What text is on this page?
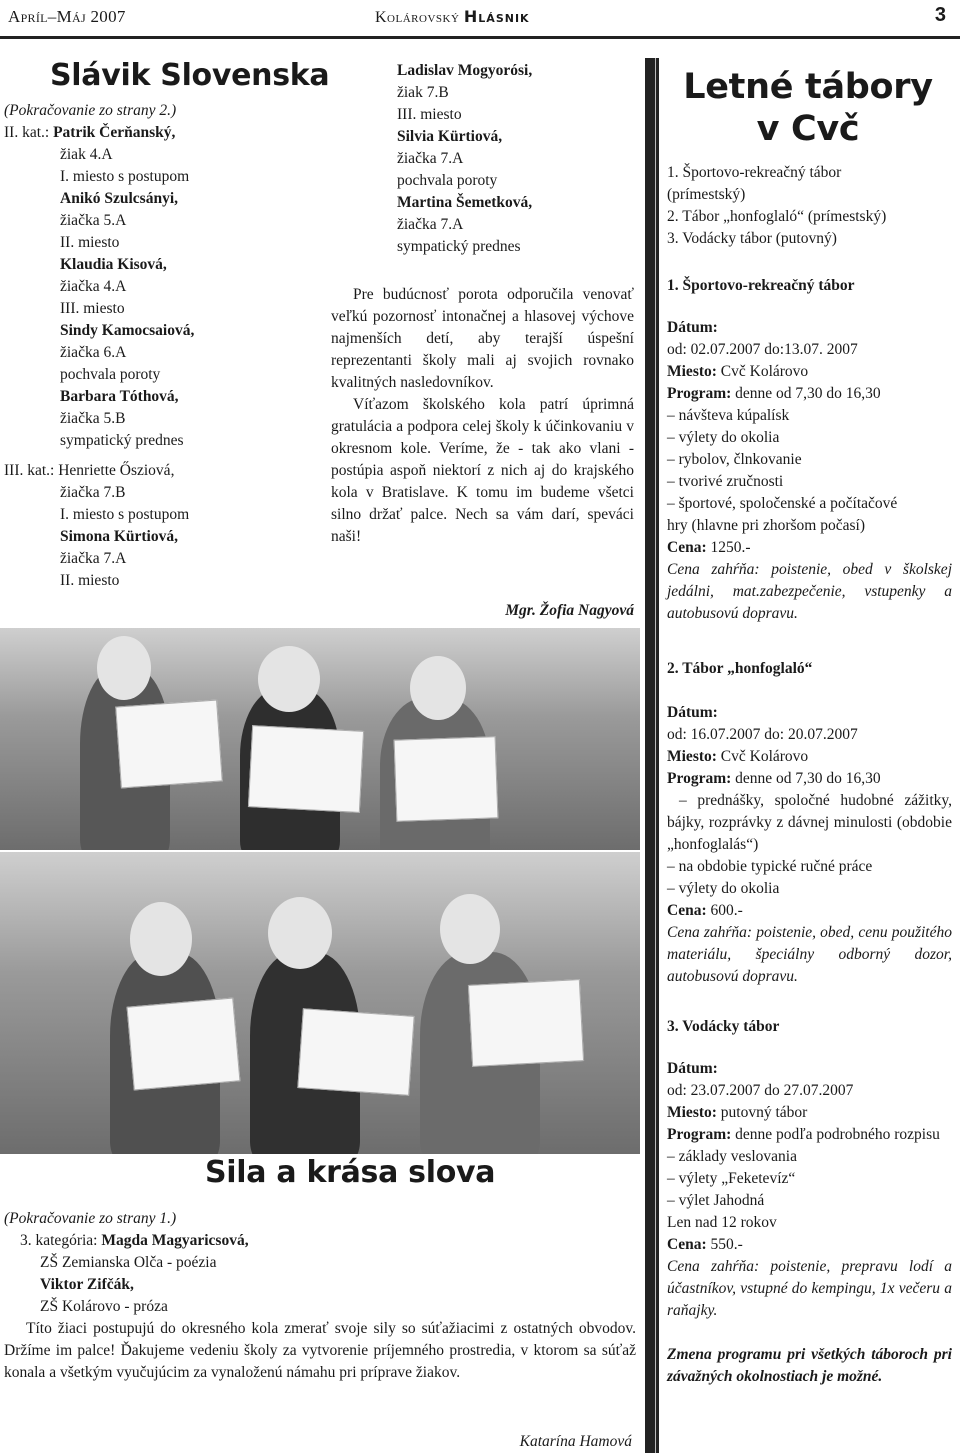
Apríl–Máj 2007	Kolárovský Hlásnik	3
Slávik Slovenska
(Pokračovanie zo strany 2.)
II. kat.: Patrik Čerňanský,
žiak 4.A
I. miesto s postupom
Anikó Szulcsányi,
žiačka 5.A
II. miesto
Klaudia Kisová,
žiačka 4.A
III. miesto
Sindy Kamocsaiová,
žiačka 6.A
pochvala poroty
Barbara Tóthová,
žiačka 5.B
sympatický prednes
III. kat.: Henriette Ősziová,
žiačka 7.B
I. miesto s postupom
Simona Kürtiová,
žiačka 7.A
II. miesto
Ladislav Mogyorósi,
žiak 7.B
III. miesto
Silvia Kürtiová,
žiačka 7.A
pochvala poroty
Martina Šemetková,
žiačka 7.A
sympatický prednes

Pre budúcnosť porota odporučila venovať veľkú pozornosť intonačnej a hlasovej výchove najmenších detí, aby terajší úspešní reprezentanti školy mali aj svojich rovnako kvalitných nasledovníkov.

Víťazom školského kola patrí úprimná gratulácia a podpora celej školy k účinkovaniu v okresnom kole. Veríme, že - tak ako vlani - postúpia aspoň niektorí z nich aj do krajského kola v Bratislave. K tomu im budeme všetci silno držať palce. Nech sa vám darí, speváci naši!

Mgr. Žofia Nagyová
Sila a krása slova
(Pokračovanie zo strany 1.)
3. kategória: Magda Magyaricsová,
ZŠ Zemianska Olča - poézia
Viktor Zifčák,
ZŠ Kolárovo - próza

Títo žiaci postupujú do okresného kola zmerať svoje sily so súťažiacimi z ostatných obvodov. Držíme im palce! Ďakujeme vedeniu školy za vytvorenie príjemného prostredia, v ktorom sa súťaž konala a všetkým vyučujúcim za vynaloženú námahu pri príprave žiakov.

Katarína Hamová
Letné tábory
v Cvč
1. Športovo-rekreačný tábor
(prímestský)
2. Tábor „honfoglaló“ (prímestský)
3. Vodácky tábor (putovný)
1. Športovo-rekreačný tábor
Dátum:
od: 02.07.2007 do:13.07. 2007
Miesto: Cvč Kolárovo
Program: denne od 7,30 do 16,30
– návšteva kúpalísk
– výlety do okolia
– rybolov, člnkovanie
– tvorivé zručnosti
– športové, spoločenské a počítačové
hry (hlavne pri zhoršom počasí)
Cena: 1250.-
Cena zahŕňa: poistenie, obed v školskej jedálni, mat.zabezpečenie, vstupenky a autobusovú dopravu.
2. Tábor „honfoglaló“
Dátum:
od: 16.07.2007 do: 20.07.2007
Miesto: Cvč Kolárovo
Program: denne od 7,30 do 16,30
– prednášky, spoločné hudobné zážitky, bájky, rozprávky z dávnej minulosti (obdobie „honfoglalás“)
– na obdobie typické ručné práce
– výlety do okolia
Cena: 600.-
Cena zahŕňa: poistenie, obed, cenu použitého materiálu, špeciálny odborný dozor, autobusovú dopravu.
3. Vodácky tábor
Dátum:
od: 23.07.2007 do 27.07.2007
Miesto: putovný tábor
Program: denne podľa podrobného rozpisu
– základy veslovania
– výlety „Feketevíz“
– výlet Jahodná
Len nad 12 rokov
Cena: 550.-
Cena zahŕňa: poistenie, prepravu lodí a účastníkov, vstupné do kempingu, 1x večeru a raňajky.
Zmena programu pri všetkých táboroch pri závažných okolnostiach je možné.
